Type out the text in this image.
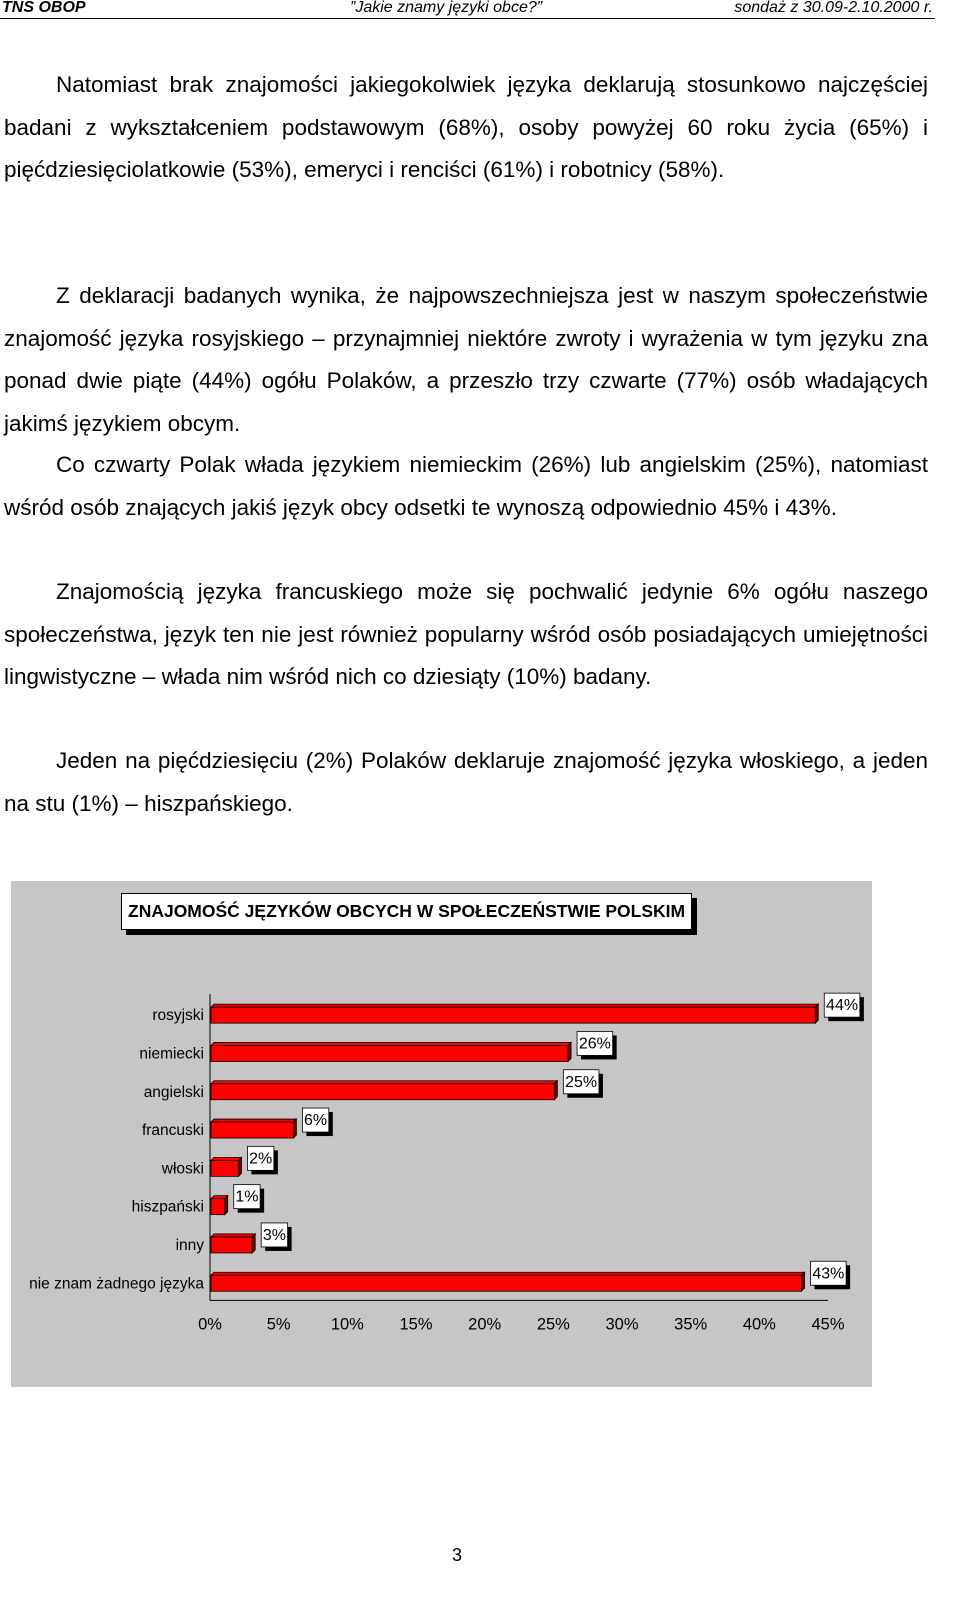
TNS OBOP	”Jakie znamy języki obce?”	sondaż z 30.09-2.10.2000 r.

Natomiast brak znajomości jakiegokolwiek języka deklarują stosunkowo najczęściej badani z wykształceniem podstawowym (68%), osoby powyżej 60 roku życia (65%) i pięćdziesięciolatkowie (53%), emeryci i renciści (61%) i robotnicy (58%).

Z deklaracji badanych wynika, że najpowszechniejsza jest w naszym społeczeństwie znajomość języka rosyjskiego – przynajmniej niektóre zwroty i wyrażenia w tym języku zna ponad dwie piąte (44%) ogółu Polaków, a przeszło trzy czwarte (77%) osób władających jakimś językiem obcym.

Co czwarty Polak włada językiem niemieckim (26%) lub angielskim (25%), natomiast wśród osób znających jakiś język obcy odsetki te wynoszą odpowiednio 45% i 43%.

Znajomością języka francuskiego może się pochwalić jedynie 6% ogółu naszego społeczeństwa, język ten nie jest również popularny wśród osób posiadających umiejętności lingwistyczne – włada nim wśród nich co dziesiąty (10%) badany.

Jeden na pięćdziesięciu (2%) Polaków deklaruje znajomość języka włoskiego, a jeden na stu (1%) – hiszpańskiego.

rosyjski
44%
niemiecki
26%
angielski
25%
francuski
6%
włoski
2%
hiszpański
1%
inny
3%
nie znam żadnego języka
43%
0%	5% 10% 15% 20% 25% 30% 35% 40% 45%
ZNAJOMOŚĆ JĘZYKÓW OBCYCH W SPOŁECZEŃSTWIE POLSKIM
3
